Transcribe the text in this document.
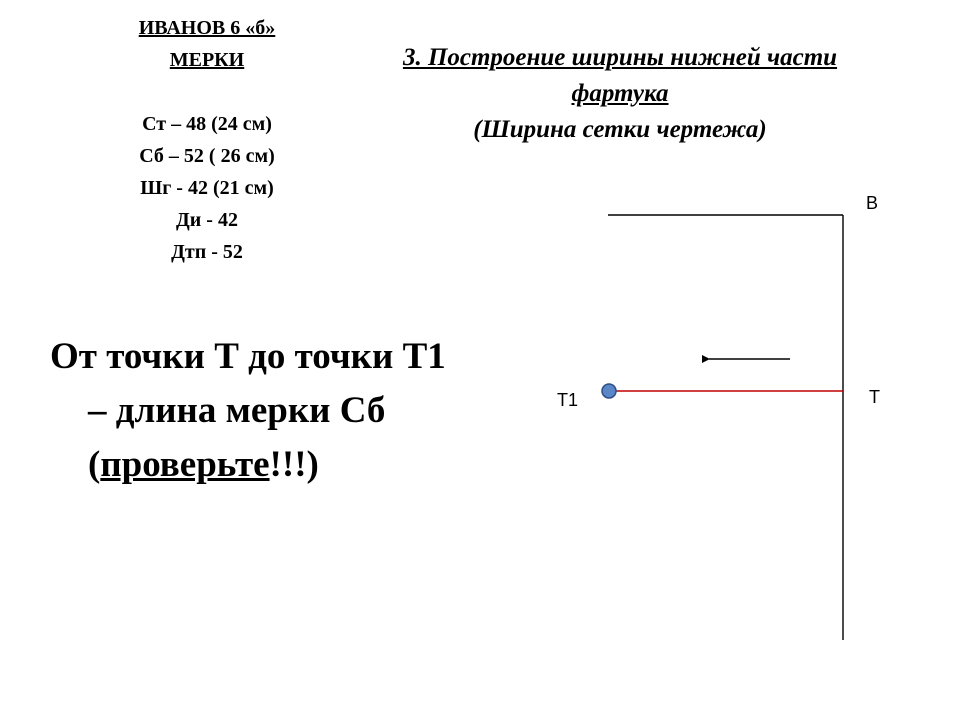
ИВАНОВ 6 «б»
МЕРКИ
Ст – 48 (24 см)
Сб – 52 ( 26 см)
Шг - 42 (21 см)
Ди - 42
Дтп - 52
3. Построение ширины нижней части
фартука
(Ширина сетки чертежа)
От точки Т до точки Т1
– длина мерки Сб
(проверьте!!!)
В
Т
Т1
